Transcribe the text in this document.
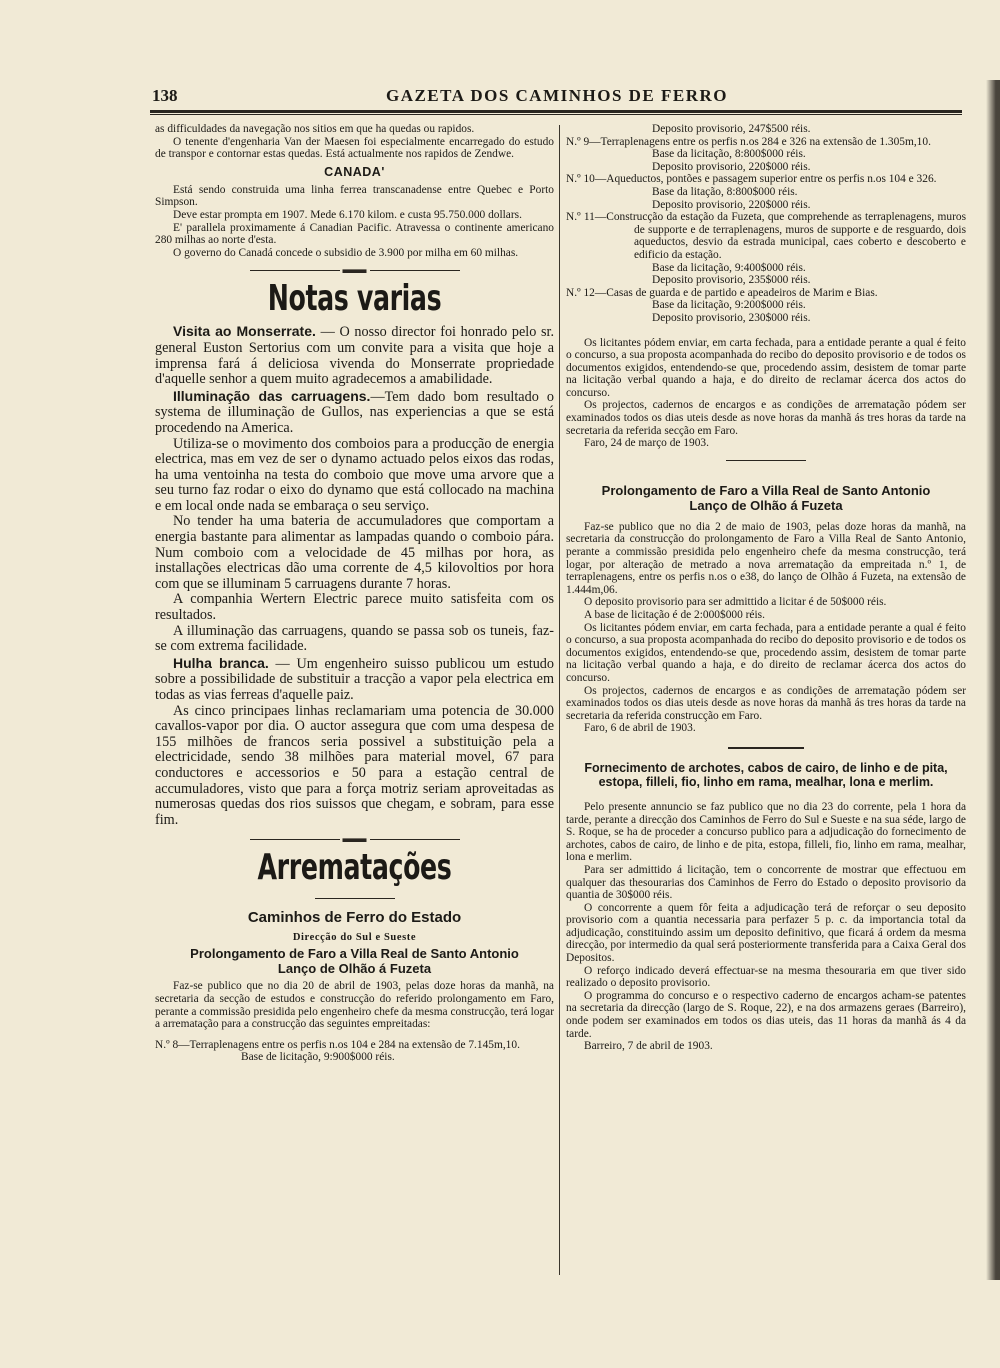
138	GAZETA DOS CAMINHOS DE FERRO

as difficuldades da navegação nos sitios em que ha quedas ou rapidos.

O tenente d'engenharia Van der Maesen foi especialmente encarregado do estudo de transpor e contornar estas quedas. Está actualmente nos rapidos de Zendwe.

CANADA'

Está sendo construida uma linha ferrea transcanadense entre Quebec e Porto Simpson.

Deve estar prompta em 1907. Mede 6.170 kilom. e custa 95.750.000 dollars.

E' parallela proximamente á Canadian Pacific. Atravessa o continente americano 280 milhas ao norte d'esta.

O governo do Canadá concede o subsidio de 3.900 por milha em 60 milhas.

▬▬
Notas varias

Visita ao Monserrate. — O nosso director foi honrado pelo sr. general Euston Sertorius com um convite para a visita que hoje a imprensa fará á deliciosa vivenda do Monserrate propriedade d'aquelle senhor a quem muito agradecemos a amabilidade.

Illuminação das carruagens.—Tem dado bom resultado o systema de illuminação de Gullos, nas experiencias a que se está procedendo na America.

Utiliza-se o movimento dos comboios para a producção de energia electrica, mas em vez de ser o dynamo actuado pelos eixos das rodas, ha uma ventoinha na testa do comboio que move uma arvore que a seu turno faz rodar o eixo do dynamo que está collocado na machina e em local onde nada se embaraça o seu serviço.

No tender ha uma bateria de accumuladores que comportam a energia bastante para alimentar as lampadas quando o comboio pára. Num comboio com a velocidade de 45 milhas por hora, as installações electricas dão uma corrente de 4,5 kilovoltios por hora com que se illuminam 5 carruagens durante 7 horas.

A companhia Wertern Electric parece muito satisfeita com os resultados.

A illuminação das carruagens, quando se passa sob os tuneis, faz-se com extrema facilidade.

Hulha branca. — Um engenheiro suisso publicou um estudo sobre a possibilidade de substituir a tracção a vapor pela electrica em todas as vias ferreas d'aquelle paiz.

As cinco principaes linhas reclamariam uma potencia de 30.000 cavallos-vapor por dia. O auctor assegura que com uma despesa de 155 milhões de francos seria possivel a substituição pela a electricidade, sendo 38 milhões para material movel, 67 para conductores e accessorios e 50 para a estação central de accumuladores, visto que para a força motriz seriam aproveitadas as numerosas quedas dos rios suissos que chegam, e sobram, para esse fim.

▬▬
Arrematações
Caminhos de Ferro do Estado
Direcção do Sul e Sueste
Prolongamento de Faro a Villa Real de Santo Antonio
Lanço de Olhão á Fuzeta

Faz-se publico que no dia 20 de abril de 1903, pelas doze horas da manhã, na secretaria da secção de estudos e construcção do referido prolongamento em Faro, perante a commissão presidida pelo engenheiro chefe da mesma construcção, terá logar a arrematação para a construcção das seguintes empreitadas:

N.º 8—Terraplenagens entre os perfis n.os 104 e 284 na extensão de 7.145m,10.

Base de licitação, 9:900$000 réis.

Deposito provisorio, 247$500 réis.

N.º 9—Terraplenagens entre os perfis n.os 284 e 326 na extensão de 1.305m,10.

Base da licitação, 8:800$000 réis.

Deposito provisorio, 220$000 réis.

N.º 10—Aqueductos, pontões e passagem superior entre os perfis n.os 104 e 326.

Base da litação, 8:800$000 réis.

Deposito provisorio, 220$000 réis.

N.º 11—Construcção da estação da Fuzeta, que comprehende as terraplenagens, muros de supporte e de terraplenagens, muros de supporte e de resguardo, dois aqueductos, desvio da estrada municipal, caes coberto e descoberto e edificio da estação.

Base da licitação, 9:400$000 réis.

Deposito provisorio, 235$000 réis.

N.º 12—Casas de guarda e de partido e apeadeiros de Marim e Bias.

Base da licitação, 9:200$000 réis.

Deposito provisorio, 230$000 réis.

Os licitantes pódem enviar, em carta fechada, para a entidade perante a qual é feito o concurso, a sua proposta acompanhada do recibo do deposito provisorio e de todos os documentos exigidos, entendendo-se que, procedendo assim, desistem de tomar parte na licitação verbal quando a haja, e do direito de reclamar ácerca dos actos do concurso.

Os projectos, cadernos de encargos e as condições de arrematação pódem ser examinados todos os dias uteis desde as nove horas da manhã ás tres horas da tarde na secretaria da referida secção em Faro.

Faro, 24 de março de 1903.

Prolongamento de Faro a Villa Real de Santo Antonio
Lanço de Olhão á Fuzeta

Faz-se publico que no dia 2 de maio de 1903, pelas doze horas da manhã, na secretaria da construcção do prolongamento de Faro a Villa Real de Santo Antonio, perante a commissão presidida pelo engenheiro chefe da mesma construcção, terá logar, por alteração de metrado a nova arrematação da empreitada n.º 1, de terraplenagens, entre os perfis n.os o e38, do lanço de Olhão á Fuzeta, na extensão de 1.444m,06.

O deposito provisorio para ser admittido a licitar é de 50$000 réis.

A base de licitação é de 2:000$000 réis.

Os licitantes pódem enviar, em carta fechada, para a entidade perante a qual é feito o concurso, a sua proposta acompanhada do recibo do deposito provisorio e de todos os documentos exigidos, entendendo-se que, procedendo assim, desistem de tomar parte na licitação verbal quando a haja, e do direito de reclamar ácerca dos actos do concurso.

Os projectos, cadernos de encargos e as condições de arrematação pódem ser examinados todos os dias uteis desde as nove horas da manhã ás tres horas da tarde na secretaria da referida construcção em Faro.

Faro, 6 de abril de 1903.

Fornecimento de archotes, cabos de cairo, de linho e de pita, estopa, filleli, fio, linho em rama, mealhar, lona e merlim.

Pelo presente annuncio se faz publico que no dia 23 do corrente, pela 1 hora da tarde, perante a direcção dos Caminhos de Ferro do Sul e Sueste e na sua séde, largo de S. Roque, se ha de proceder a concurso publico para a adjudicação do fornecimento de archotes, cabos de cairo, de linho e de pita, estopa, filleli, fio, linho em rama, mealhar, lona e merlim.

Para ser admittido á licitação, tem o concorrente de mostrar que effectuou em qualquer das thesourarias dos Caminhos de Ferro do Estado o deposito provisorio da quantia de 30$000 réis.

O concorrente a quem fôr feita a adjudicação terá de reforçar o seu deposito provisorio com a quantia necessaria para perfazer 5 p. c. da importancia total da adjudicação, constituindo assim um deposito definitivo, que ficará á ordem da mesma direcção, por intermedio da qual será posteriormente transferida para a Caixa Geral dos Depositos.

O reforço indicado deverá effectuar-se na mesma thesouraria em que tiver sido realizado o deposito provisorio.

O programma do concurso e o respectivo caderno de encargos acham-se patentes na secretaria da direcção (largo de S. Roque, 22), e na dos armazens geraes (Barreiro), onde podem ser examinados em todos os dias uteis, das 11 horas da manhã ás 4 da tarde.

Barreiro, 7 de abril de 1903.
